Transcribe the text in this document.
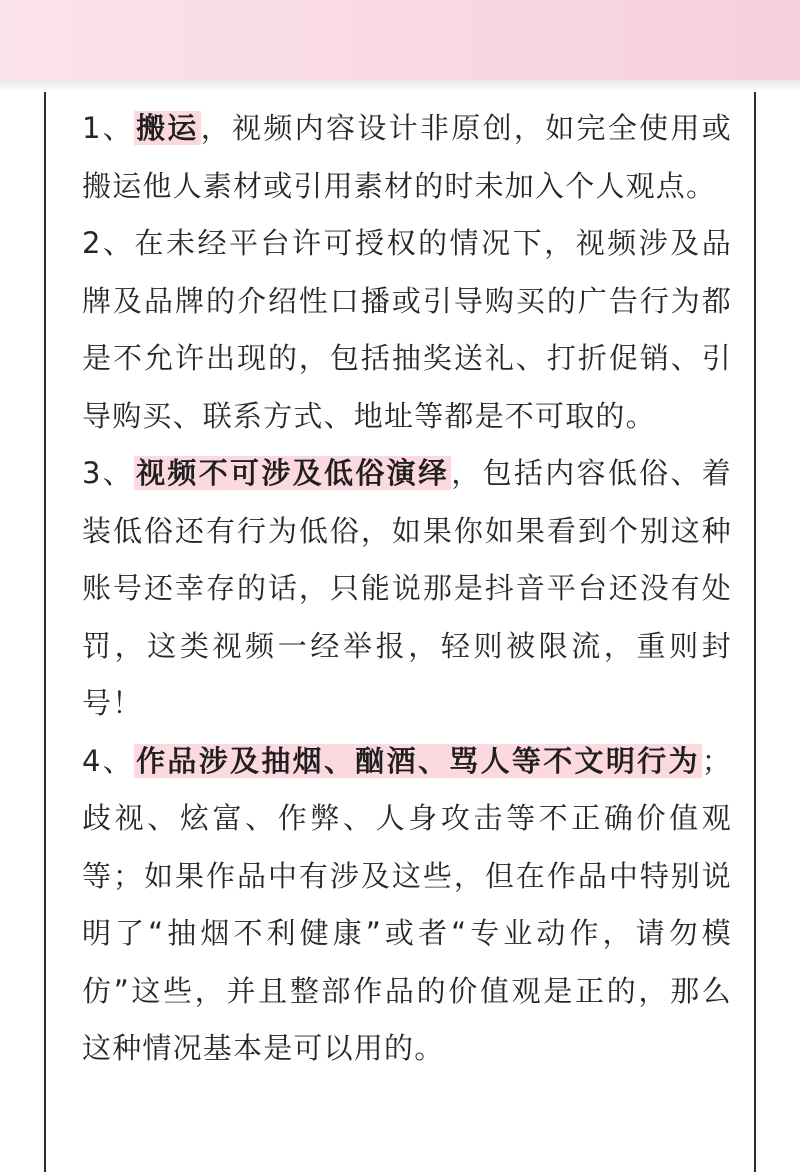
1、搬运，视频内容设计非原创，如完全使用或搬运他人素材或引用素材的时未加入个人观点。

2、在未经平台许可授权的情况下，视频涉及品牌及品牌的介绍性口播或引导购买的广告行为都是不允许出现的，包括抽奖送礼、打折促销、引导购买、联系方式、地址等都是不可取的。

3、视频不可涉及低俗演绎，包括内容低俗、着装低俗还有行为低俗，如果你如果看到个别这种账号还幸存的话，只能说那是抖音平台还没有处罚，这类视频一经举报，轻则被限流，重则封号！

4、作品涉及抽烟、酗酒、骂人等不文明行为；歧视、炫富、作弊、人身攻击等不正确价值观等；如果作品中有涉及这些，但在作品中特别说明了“抽烟不利健康”或者“专业动作，请勿模仿”这些，并且整部作品的价值观是正的，那么这种情况基本是可以用的。
